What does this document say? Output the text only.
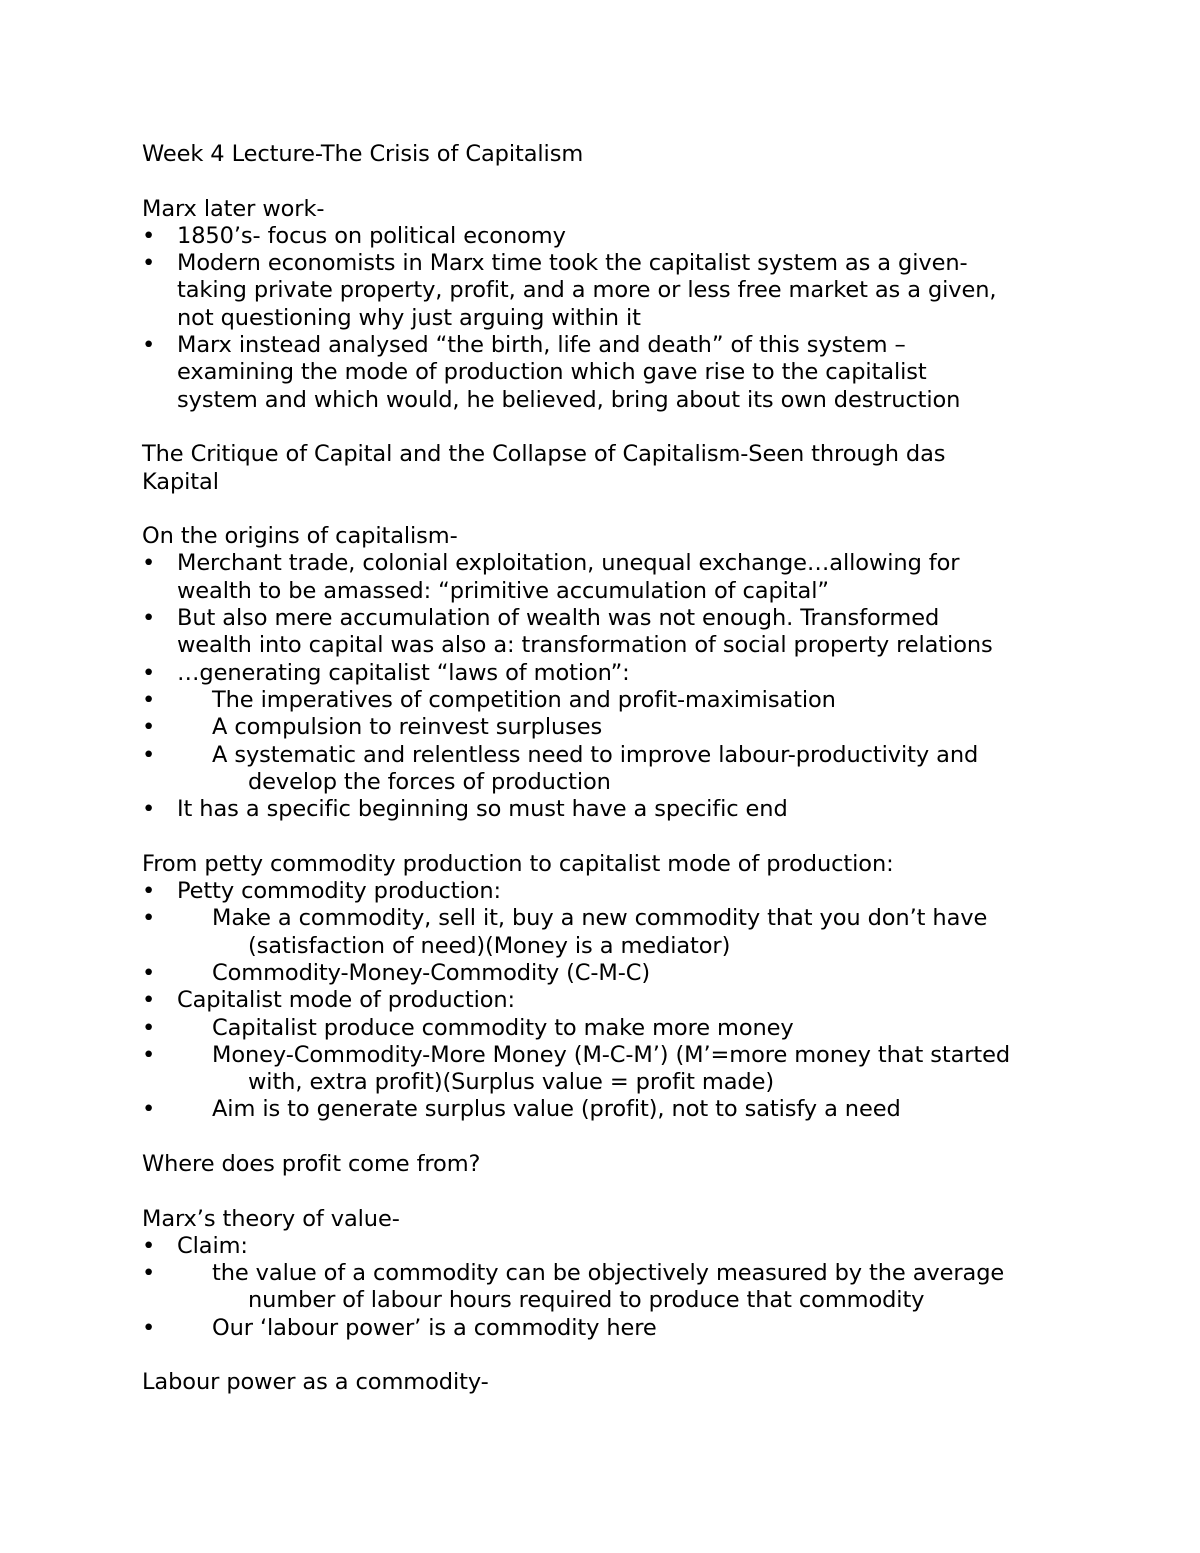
Week 4 Lecture-The Crisis of Capitalism
Marx later work-
• 1850’s- focus on political economy
• Modern economists in Marx time took the capitalist system as a given-
taking private property, profit, and a more or less free market as a given,
not questioning why just arguing within it
• Marx instead analysed “the birth, life and death” of this system –
examining the mode of production which gave rise to the capitalist
system and which would, he believed, bring about its own destruction
The Critique of Capital and the Collapse of Capitalism-Seen through das
Kapital
On the origins of capitalism-
• Merchant trade, colonial exploitation, unequal exchange…allowing for
wealth to be amassed: “primitive accumulation of capital”
• But also mere accumulation of wealth was not enough. Transformed
wealth into capital was also a: transformation of social property relations
• …generating capitalist “laws of motion”:
•	The imperatives of competition and profit-maximisation
•	A compulsion to reinvest surpluses
•	A systematic and relentless need to improve labour-productivity and
develop the forces of production
• It has a specific beginning so must have a specific end
From petty commodity production to capitalist mode of production:
• Petty commodity production:
•	Make a commodity, sell it, buy a new commodity that you don’t have
(satisfaction of need)(Money is a mediator)
•	Commodity-Money-Commodity (C-M-C)
• Capitalist mode of production:
•	Capitalist produce commodity to make more money
•	Money-Commodity-More Money (M-C-M’) (M’=more money that started
with, extra profit)(Surplus value = profit made)
•	Aim is to generate surplus value (profit), not to satisfy a need
Where does profit come from?
Marx’s theory of value-
• Claim:
•	the value of a commodity can be objectively measured by the average
number of labour hours required to produce that commodity
•	Our ‘labour power’ is a commodity here
Labour power as a commodity-
